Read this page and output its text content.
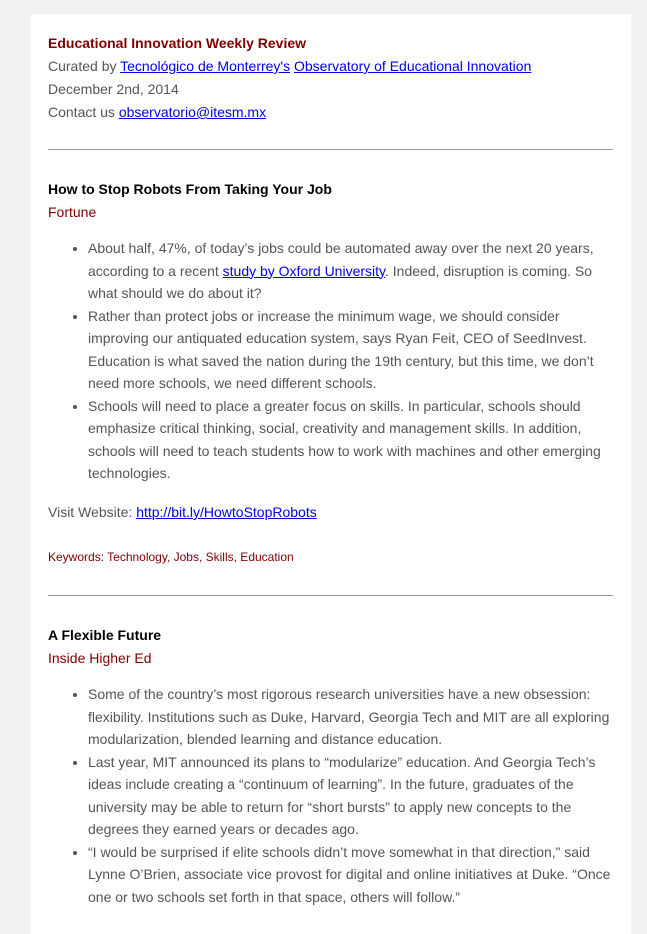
Educational Innovation Weekly Review
Curated by Tecnológico de Monterrey's Observatory of Educational Innovation
December 2nd, 2014
Contact us observatorio@itesm.mx
How to Stop Robots From Taking Your Job
Fortune
• About half, 47%, of today’s jobs could be automated away over the next 20 years, according to a recent study by Oxford University. Indeed, disruption is coming. So what should we do about it?
• Rather than protect jobs or increase the minimum wage, we should consider improving our antiquated education system, says Ryan Feit, CEO of SeedInvest. Education is what saved the nation during the 19th century, but this time, we don’t need more schools, we need different schools.
• Schools will need to place a greater focus on skills. In particular, schools should emphasize critical thinking, social, creativity and management skills. In addition, schools will need to teach students how to work with machines and other emerging technologies.
Visit Website: http://bit.ly/HowtoStopRobots
Keywords: Technology, Jobs, Skills, Education
A Flexible Future
Inside Higher Ed
• Some of the country’s most rigorous research universities have a new obsession: flexibility. Institutions such as Duke, Harvard, Georgia Tech and MIT are all exploring modularization, blended learning and distance education.
• Last year, MIT announced its plans to “modularize” education. And Georgia Tech’s ideas include creating a “continuum of learning”. In the future, graduates of the university may be able to return for “short bursts” to apply new concepts to the degrees they earned years or decades ago.
• “I would be surprised if elite schools didn’t move somewhat in that direction,” said Lynne O’Brien, associate vice provost for digital and online initiatives at Duke. “Once one or two schools set forth in that space, others will follow.”
